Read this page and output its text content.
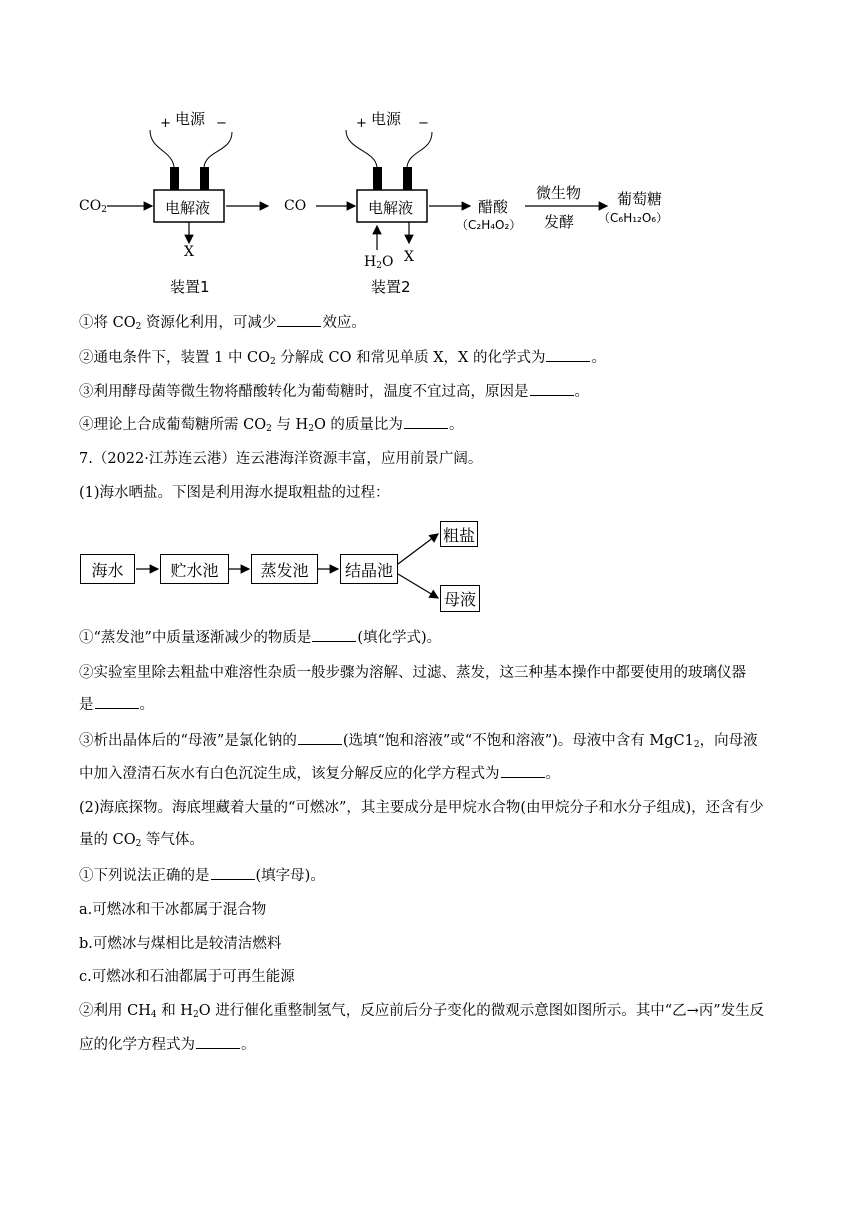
+ 电源 −	+ 电源 −
电解液	电解液
$CO_2$	CO
X	X
$H_2O$
装置1	装置2
醋酸
（C₂H₄O₂）
微生物
发酵
葡萄糖
（C₆H₁₂O₆）
①将 $CO_2$ 资源化利用，可减少	效应。
②通电条件下，装置 1 中 $CO_2$ 分解成 CO 和常见单质 X，X 的化学式为	。
③利用酵母菌等微生物将醋酸转化为葡萄糖时，温度不宜过高，原因是	。
④理论上合成葡萄糖所需 $CO_2$ 与 $H_2O$ 的质量比为	。
7.（2022·江苏连云港）连云港海洋资源丰富，应用前景广阔。
(1)海水晒盐。下图是利用海水提取粗盐的过程：
海水	贮水池	蒸发池	结晶池
粗盐
母液
①“蒸发池”中质量逐渐减少的物质是	(填化学式)。
②实验室里除去粗盐中难溶性杂质一般步骤为溶解、过滤、蒸发，这三种基本操作中都要使用的玻璃仪器
是	。
③析出晶体后的“母液”是氯化钠的	(选填“饱和溶液”或“不饱和溶液”)。母液中含有 $MgC1_2$，向母液
中加入澄清石灰水有白色沉淀生成，该复分解反应的化学方程式为	。
(2)海底探物。海底埋藏着大量的“可燃冰”，其主要成分是甲烷水合物(由甲烷分子和水分子组成)，还含有少
量的 $CO_2$ 等气体。
①下列说法正确的是	(填字母)。
a.可燃冰和干冰都属于混合物
b.可燃冰与煤相比是较清洁燃料
c.可燃冰和石油都属于可再生能源
②利用 $CH_4$ 和 $H_2O$ 进行催化重整制氢气，反应前后分子变化的微观示意图如图所示。其中“乙→丙”发生反
应的化学方程式为	。
